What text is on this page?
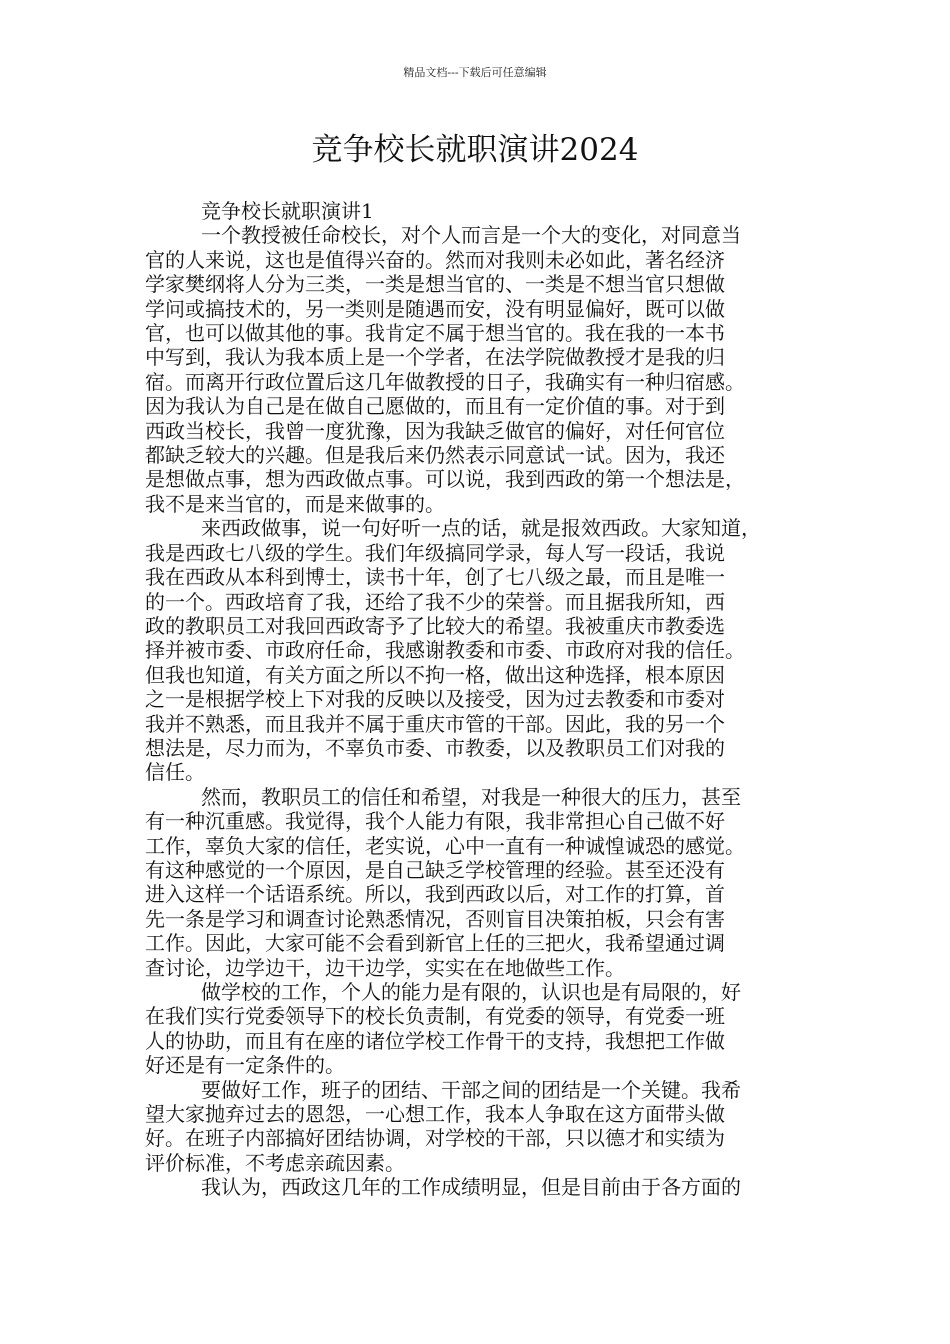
精品文档---下载后可任意编辑
竞争校长就职演讲2024
竞争校长就职演讲1
一个教授被任命校长，对个人而言是一个大的变化，对同意当
官的人来说，这也是值得兴奋的。然而对我则未必如此，著名经济
学家樊纲将人分为三类，一类是想当官的、一类是不想当官只想做
学问或搞技术的，另一类则是随遇而安，没有明显偏好，既可以做
官，也可以做其他的事。我肯定不属于想当官的。我在我的一本书
中写到，我认为我本质上是一个学者，在法学院做教授才是我的归
宿。而离开行政位置后这几年做教授的日子，我确实有一种归宿感。
因为我认为自己是在做自己愿做的，而且有一定价值的事。对于到
西政当校长，我曾一度犹豫，因为我缺乏做官的偏好，对任何官位
都缺乏较大的兴趣。但是我后来仍然表示同意试一试。因为，我还
是想做点事，想为西政做点事。可以说，我到西政的第一个想法是，
我不是来当官的，而是来做事的。
来西政做事，说一句好听一点的话，就是报效西政。大家知道，
我是西政七八级的学生。我们年级搞同学录，每人写一段话，我说
我在西政从本科到博士，读书十年，创了七八级之最，而且是唯一
的一个。西政培育了我，还给了我不少的荣誉。而且据我所知，西
政的教职员工对我回西政寄予了比较大的希望。我被重庆市教委选
择并被市委、市政府任命，我感谢教委和市委、市政府对我的信任。
但我也知道，有关方面之所以不拘一格，做出这种选择，根本原因
之一是根据学校上下对我的反映以及接受，因为过去教委和市委对
我并不熟悉，而且我并不属于重庆市管的干部。因此，我的另一个
想法是，尽力而为，不辜负市委、市教委，以及教职员工们对我的
信任。
然而，教职员工的信任和希望，对我是一种很大的压力，甚至
有一种沉重感。我觉得，我个人能力有限，我非常担心自己做不好
工作，辜负大家的信任，老实说，心中一直有一种诚惶诚恐的感觉。
有这种感觉的一个原因，是自己缺乏学校管理的经验。甚至还没有
进入这样一个话语系统。所以，我到西政以后，对工作的打算，首
先一条是学习和调查讨论熟悉情况，否则盲目决策拍板，只会有害
工作。因此，大家可能不会看到新官上任的三把火，我希望通过调
查讨论，边学边干，边干边学，实实在在地做些工作。
做学校的工作，个人的能力是有限的，认识也是有局限的，好
在我们实行党委领导下的校长负责制，有党委的领导，有党委一班
人的协助，而且有在座的诸位学校工作骨干的支持，我想把工作做
好还是有一定条件的。
要做好工作，班子的团结、干部之间的团结是一个关键。我希
望大家抛弃过去的恩怨，一心想工作，我本人争取在这方面带头做
好。在班子内部搞好团结协调，对学校的干部，只以德才和实绩为
评价标准，不考虑亲疏因素。
我认为，西政这几年的工作成绩明显，但是目前由于各方面的
